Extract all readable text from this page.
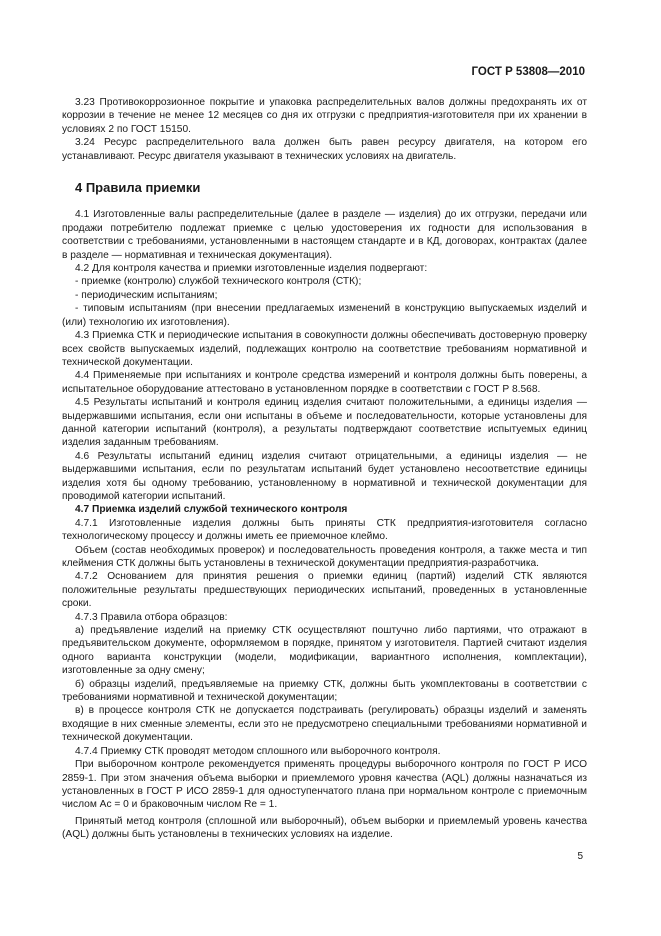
ГОСТ Р 53808—2010

3.23 Противокоррозионное покрытие и упаковка распределительных валов должны предохранять их от коррозии в течение не менее 12 месяцев со дня их отгрузки с предприятия-изготовителя при их хранении в условиях 2 по ГОСТ 15150.

3.24 Ресурс распределительного вала должен быть равен ресурсу двигателя, на котором его устанавливают. Ресурс двигателя указывают в технических условиях на двигатель.

4 Правила приемки

4.1 Изготовленные валы распределительные (далее в разделе — изделия) до их отгрузки, передачи или продажи потребителю подлежат приемке с целью удостоверения их годности для использования в соответствии с требованиями, установленными в настоящем стандарте и в КД, договорах, контрактах (далее в разделе — нормативная и техническая документация).

4.2 Для контроля качества и приемки изготовленные изделия подвергают:

- приемке (контролю) службой технического контроля (СТК);

- периодическим испытаниям;

- типовым испытаниям (при внесении предлагаемых изменений в конструкцию выпускаемых изделий и (или) технологию их изготовления).

4.3 Приемка СТК и периодические испытания в совокупности должны обеспечивать достоверную проверку всех свойств выпускаемых изделий, подлежащих контролю на соответствие требованиям нормативной и технической документации.

4.4 Применяемые при испытаниях и контроле средства измерений и контроля должны быть поверены, а испытательное оборудование аттестовано в установленном порядке в соответствии с ГОСТ Р 8.568.

4.5 Результаты испытаний и контроля единиц изделия считают положительными, а единицы изделия — выдержавшими испытания, если они испытаны в объеме и последовательности, которые установлены для данной категории испытаний (контроля), а результаты подтверждают соответствие испытуемых единиц изделия заданным требованиям.

4.6 Результаты испытаний единиц изделия считают отрицательными, а единицы изделия — не выдержавшими испытания, если по результатам испытаний будет установлено несоответствие единицы изделия хотя бы одному требованию, установленному в нормативной и технической документации для проводимой категории испытаний.

4.7 Приемка изделий службой технического контроля

4.7.1 Изготовленные изделия должны быть приняты СТК предприятия-изготовителя согласно технологическому процессу и должны иметь ее приемочное клеймо.

Объем (состав необходимых проверок) и последовательность проведения контроля, а также места и тип клеймения СТК должны быть установлены в технической документации предприятия-разработчика.

4.7.2 Основанием для принятия решения о приемки единиц (партий) изделий СТК являются положительные результаты предшествующих периодических испытаний, проведенных в установленные сроки.

4.7.3 Правила отбора образцов:

а) предъявление изделий на приемку СТК осуществляют поштучно либо партиями, что отражают в предъявительском документе, оформляемом в порядке, принятом у изготовителя. Партией считают изделия одного варианта конструкции (модели, модификации, вариантного исполнения, комплектации), изготовленные за одну смену;

б) образцы изделий, предъявляемые на приемку СТК, должны быть укомплектованы в соответствии с требованиями нормативной и технической документации;

в) в процессе контроля СТК не допускается подстраивать (регулировать) образцы изделий и заменять входящие в них сменные элементы, если это не предусмотрено специальными требованиями нормативной и технической документации.

4.7.4 Приемку СТК проводят методом сплошного или выборочного контроля.

При выборочном контроле рекомендуется применять процедуры выборочного контроля по ГОСТ Р ИСО 2859-1. При этом значения объема выборки и приемлемого уровня качества (AQL) должны назначаться из установленных в ГОСТ Р ИСО 2859-1 для одноступенчатого плана при нормальном контроле с приемочным числом Ac = 0 и браковочным числом Re = 1.

Принятый метод контроля (сплошной или выборочный), объем выборки и приемлемый уровень качества (AQL) должны быть установлены в технических условиях на изделие.

5
